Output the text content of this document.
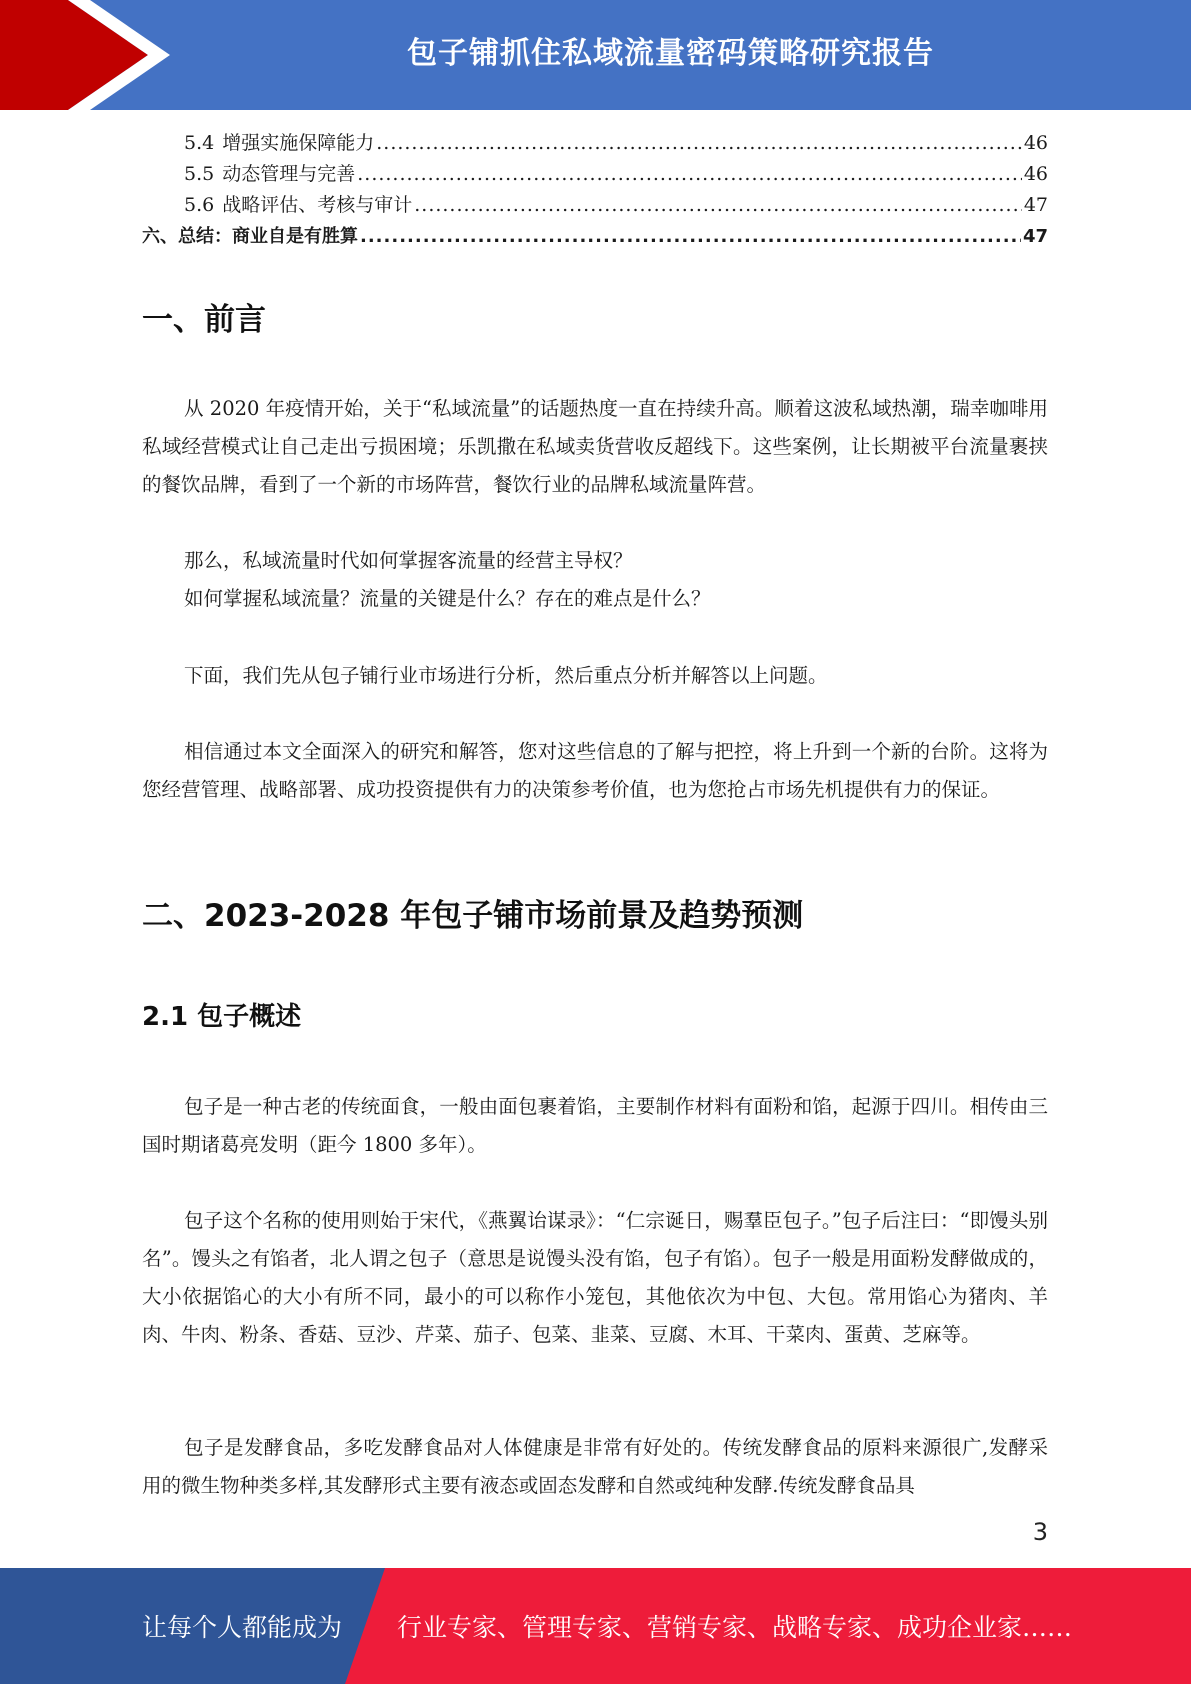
包子铺抓住私域流量密码策略研究报告
5.4 增强实施保障能力 .....	46
5.5 动态管理与完善 .....	46
5.6 战略评估、考核与审计 .....	47
六、总结：商业自是有胜算 .....	47
一、前言

从 2020 年疫情开始，关于“私域流量”的话题热度一直在持续升高。顺着这波私域热潮，瑞幸咖啡用私域经营模式让自己走出亏损困境；乐凯撒在私域卖货营收反超线下。这些案例，让长期被平台流量裹挟的餐饮品牌，看到了一个新的市场阵营，餐饮行业的品牌私域流量阵营。

那么，私域流量时代如何掌握客流量的经营主导权？

如何掌握私域流量？流量的关键是什么？存在的难点是什么？

下面，我们先从包子铺行业市场进行分析，然后重点分析并解答以上问题。

相信通过本文全面深入的研究和解答，您对这些信息的了解与把控，将上升到一个新的台阶。这将为您经营管理、战略部署、成功投资提供有力的决策参考价值，也为您抢占市场先机提供有力的保证。

二、2023-2028 年包子铺市场前景及趋势预测
2.1 包子概述

包子是一种古老的传统面食，一般由面包裹着馅，主要制作材料有面粉和馅，起源于四川。相传由三国时期诸葛亮发明（距今 1800 多年）。

包子这个名称的使用则始于宋代，《燕翼诒谋录》：“仁宗诞日，赐羣臣包子。”包子后注曰：“即馒头别名”。馒头之有馅者，北人谓之包子（意思是说馒头没有馅，包子有馅）。包子一般是用面粉发酵做成的，大小依据馅心的大小有所不同，最小的可以称作小笼包，其他依次为中包、大包。常用馅心为猪肉、羊肉、牛肉、粉条、香菇、豆沙、芹菜、茄子、包菜、韭菜、豆腐、木耳、干菜肉、蛋黄、芝麻等。

包子是发酵食品，多吃发酵食品对人体健康是非常有好处的。传统发酵食品的原料来源很广,发酵采用的微生物种类多样,其发酵形式主要有液态或固态发酵和自然或纯种发酵.传统发酵食品具

3
让每个人都能成为 行业专家、管理专家、营销专家、战略专家、成功企业家……
